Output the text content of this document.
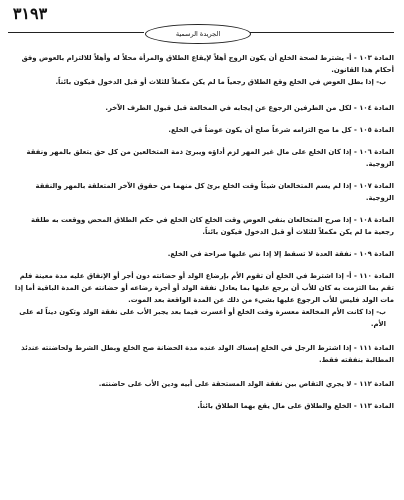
٣١٩٣
الجريدة الرسمية

المادة ١٠٣ - أ- يشترط لصحة الخلع أن يكون الزوج أهلاً لإيقاع الطلاق والمرأة محلاً له وأهلاً للالتزام بالعوض وفق أحكام هذا القانون.

ب- إذا بطل العوض في الخلع وقع الطلاق رجعياً ما لم يكن مكملاً للثلاث أو قبل الدخول فيكون بائناً.

المادة ١٠٤ - لكل من الطرفين الرجوع عن إيجابه في المخالعة قبل قبول الطرف الآخر.

المادة ١٠٥ - كل ما صح التزامه شرعاً صلح أن يكون عوضاً في الخلع.

المادة ١٠٦ - إذا كان الخلع على مال غير المهر لزم أداؤه ويبرئ ذمة المتخالعين من كل حق يتعلق بالمهر ونفقة الزوجية.

المادة ١٠٧ - إذا لم يسم المتخالعان شيئاً وقت الخلع برئ كل منهما من حقوق الآخر المتعلقة بالمهر والنفقة الزوجية.

المادة ١٠٨ - إذا صرح المتخالعان بنفي العوض وقت الخلع كان الخلع في حكم الطلاق المحض ووقعت به طلقة رجعية ما لم يكن مكملاً للثلاث أو قبل الدخول فيكون بائناً.

المادة ١٠٩ - نفقة العدة لا تسقط إلا إذا نص عليها صراحة في الخلع.

المادة ١١٠ - أ- إذا اشترط في الخلع أن تقوم الأم بإرضاع الولد أو حضانته دون أجر أو الإنفاق عليه مدة معينة فلم تقم بما التزمت به كان للأب أن يرجع عليها بما يعادل نفقة الولد أو أجرة رضاعه أو حضانته عن المدة الباقية أما إذا مات الولد فليس للأب الرجوع عليها بشيء من ذلك عن المدة الواقعة بعد الموت.

ب- إذا كانت الأم المخالعة معسرة وقت الخلع أو أعسرت فيما بعد يجبر الأب على نفقة الولد وتكون ديناً له على الأم.

المادة ١١١ - إذا اشترط الرجل في الخلع إمساك الولد عنده مدة الحضانة صح الخلع وبطل الشرط ولحاضنته عندئذ المطالبة بنفقته فقط.

المادة ١١٢ - لا يجري التقاص بين نفقة الولد المستحقة على أبيه ودين الأب على حاضنته.

المادة ١١٣ - الخلع والطلاق على مال يقع بهما الطلاق بائناً.
